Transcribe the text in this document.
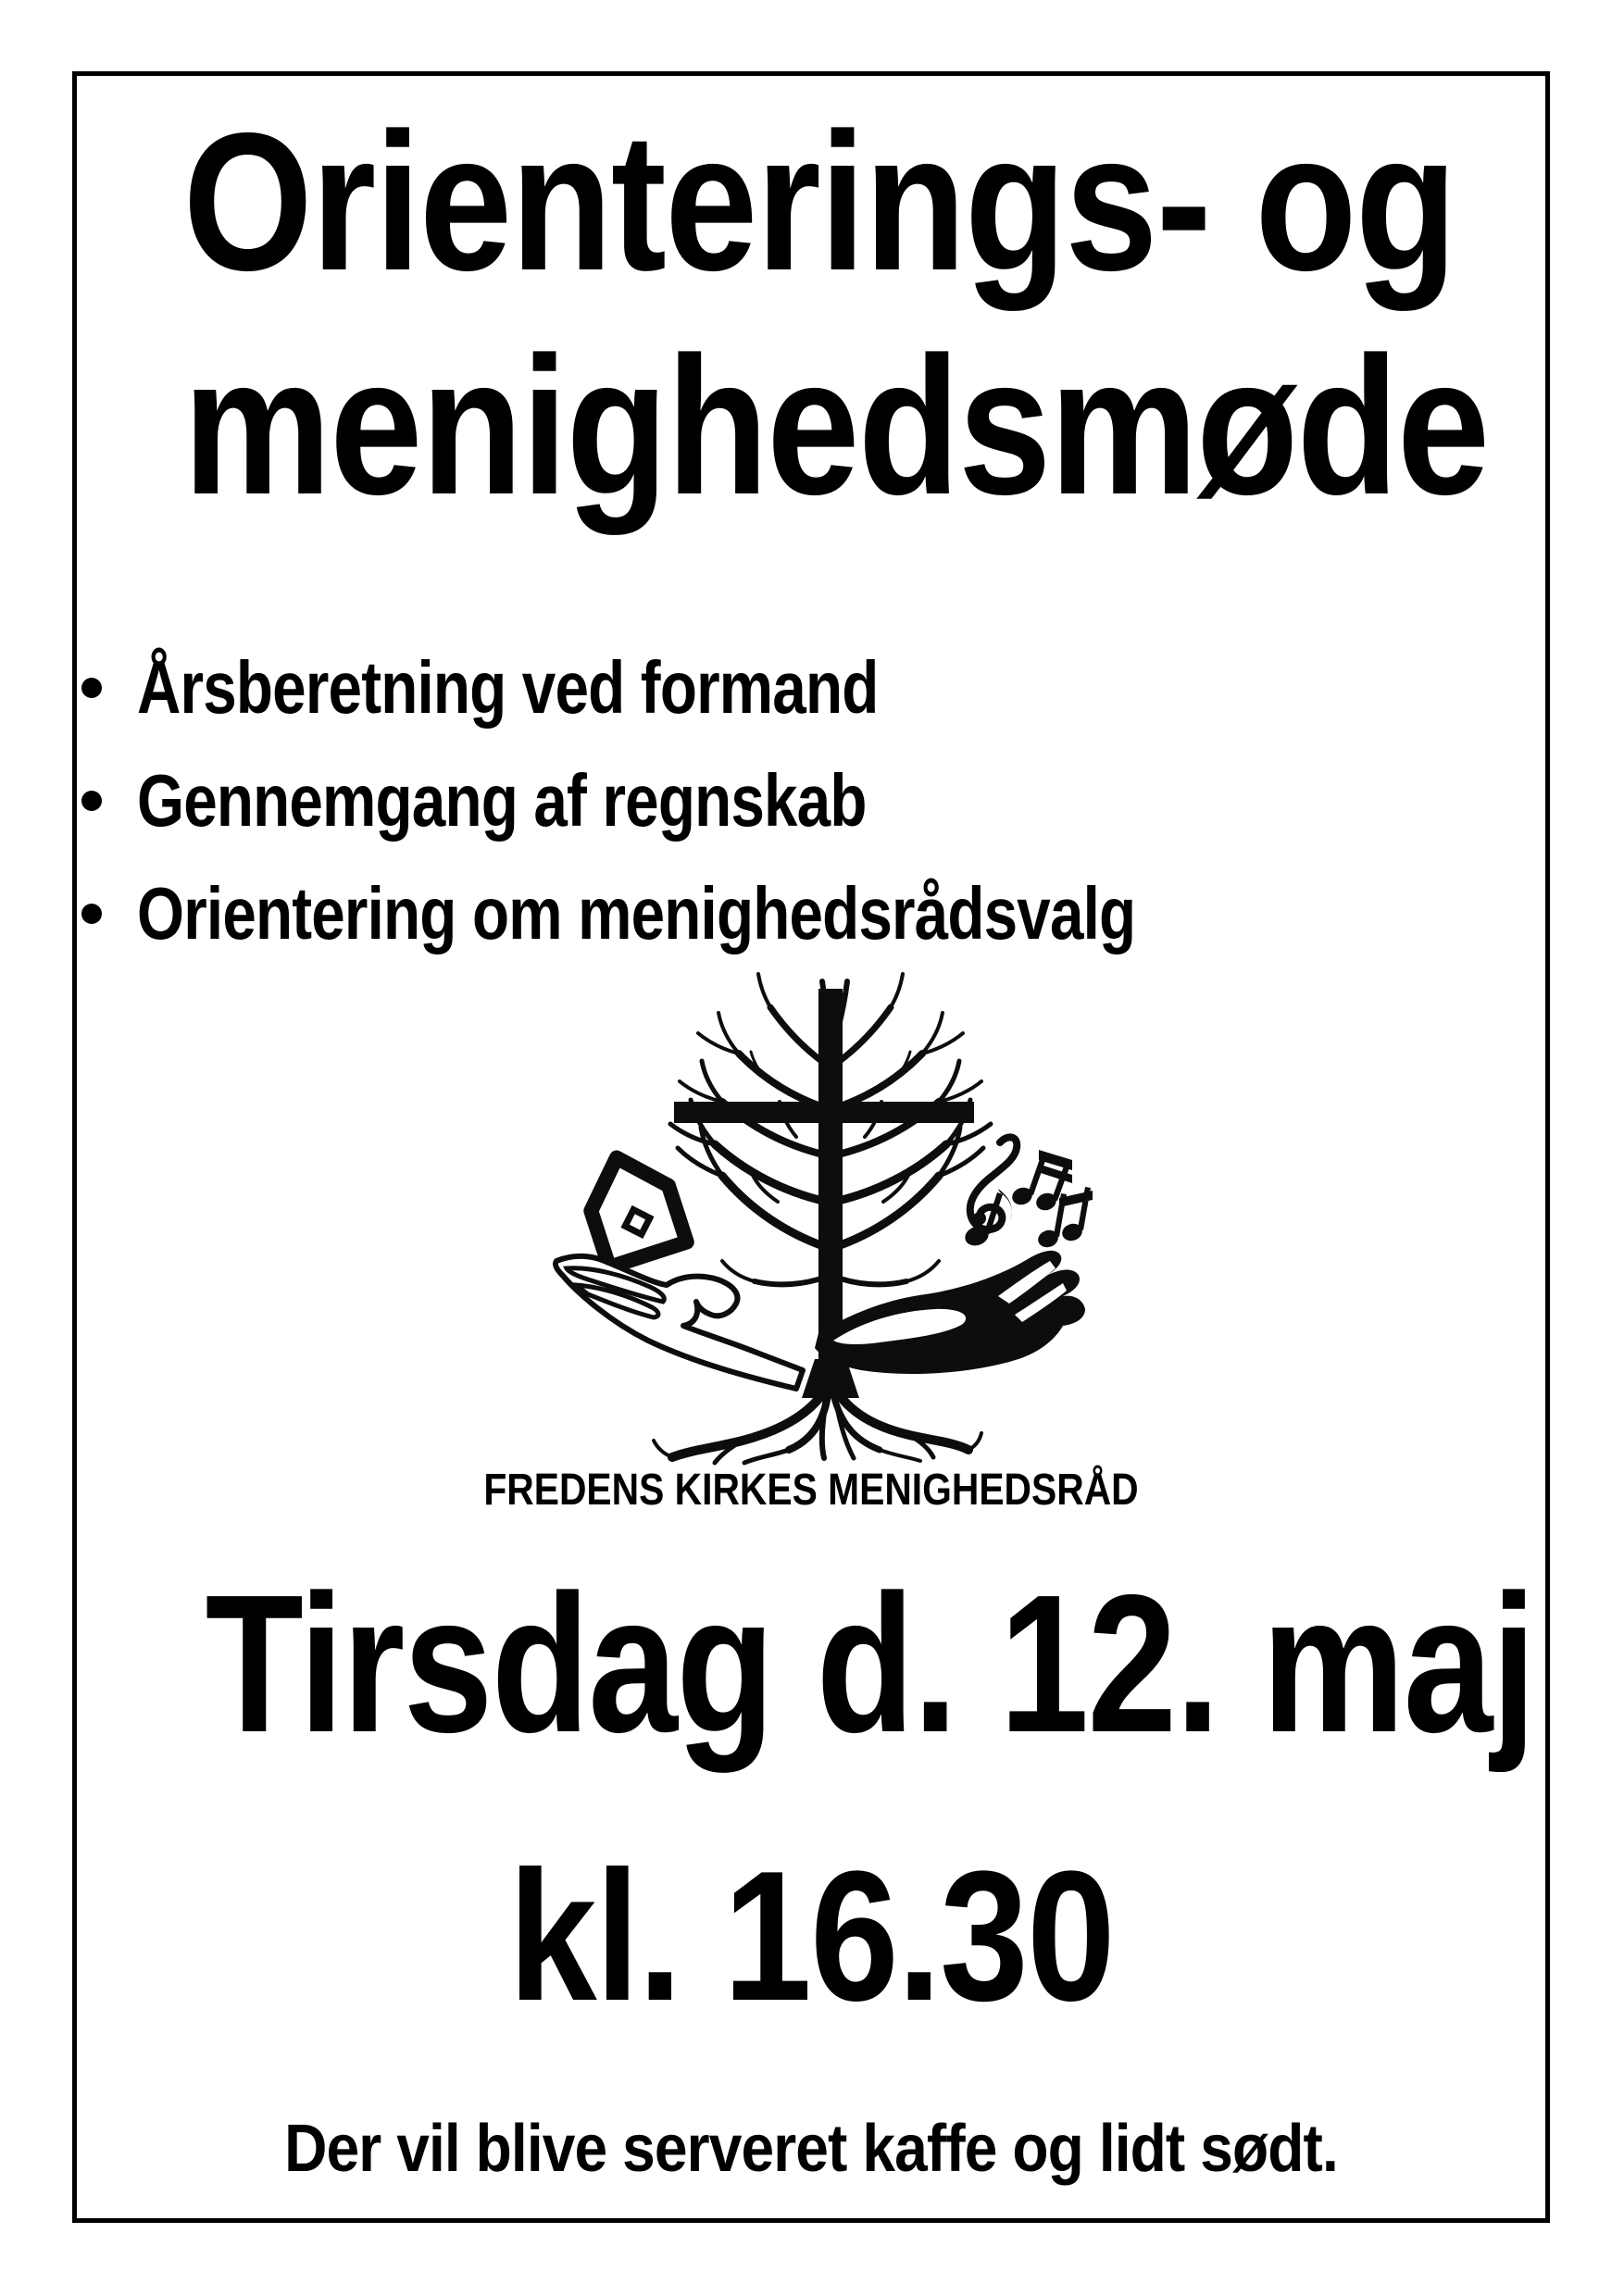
Orienterings- og
menighedsmøde
Årsberetning ved formand
Gennemgang af regnskab
Orientering om menighedsrådsvalg
FREDENS KIRKES MENIGHEDSRÅD
Tirsdag d. 12. maj
kl. 16.30
Der vil blive serveret kaffe og lidt sødt.
